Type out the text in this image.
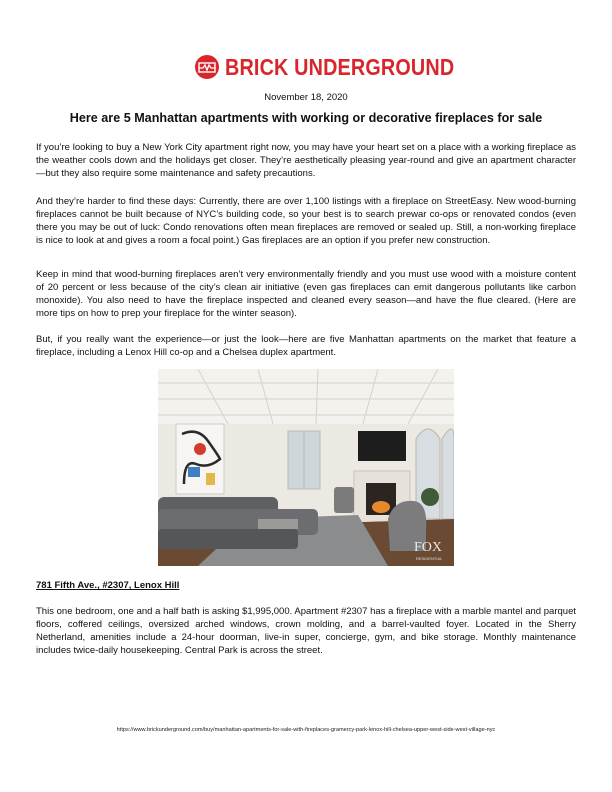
BRICK UNDERGROUND
November 18, 2020
Here are 5 Manhattan apartments with working or decorative fireplaces for sale

If you’re looking to buy a New York City apartment right now, you may have your heart set on a place with a working fireplace as the weather cools down and the holidays get closer. They’re aesthetically pleasing year-round and give an apartment character—but they also require some maintenance and safety precautions.

And they’re harder to find these days: Currently, there are over 1,100 listings with a fireplace on StreetEasy. New wood-burning fireplaces cannot be built because of NYC’s building code, so your best is to search prewar co-ops or renovated condos (even there you may be out of luck: Condo renovations often mean fireplaces are removed or sealed up. Still, a non-working fireplace is nice to look at and gives a room a focal point.) Gas fireplaces are an option if you prefer new construction.

Keep in mind that wood-burning fireplaces aren’t very environmentally friendly and you must use wood with a moisture content of 20 percent or less because of the city’s clean air initiative (even gas fireplaces can emit dangerous pollutants like carbon monoxide). You also need to have the fireplace inspected and cleaned every season—and have the flue cleared. (Here are more tips on how to prep your fireplace for the winter season).

But, if you really want the experience—or just the look—here are five Manhattan apartments on the market that feature a fireplace, including a Lenox Hill co-op and a Chelsea duplex apartment.

FOX
RESIDENTIAL
781 Fifth Ave., #2307, Lenox Hill

This one bedroom, one and a half bath is asking $1,995,000. Apartment #2307 has a fireplace with a marble mantel and parquet floors, coffered ceilings, oversized arched windows, crown molding, and a barrel-vaulted foyer. Located in the Sherry Netherland, amenities include a 24-hour doorman, live-in super, concierge, gym, and bike storage. Monthly maintenance includes twice-daily housekeeping. Central Park is across the street.

https://www.brickunderground.com/buy/manhattan-apartments-for-sale-with-fireplaces-gramercy-park-lenox-hill-chelsea-upper-west-side-west-village-nyc
